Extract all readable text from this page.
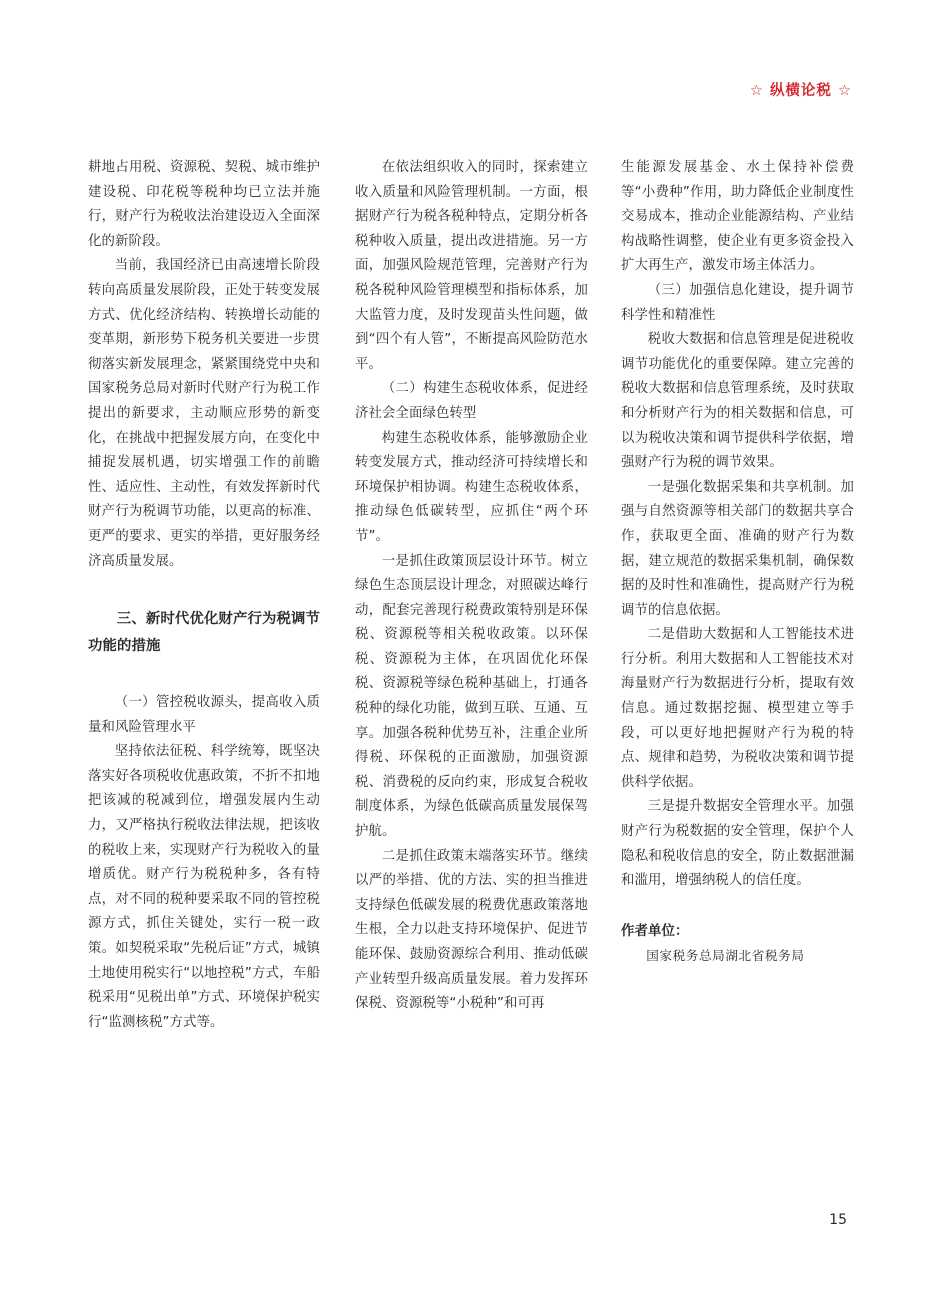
☆ 纵横论税 ☆

耕地占用税、资源税、契税、城市维护建设税、印花税等税种均已立法并施行，财产行为税收法治建设迈入全面深化的新阶段。

当前，我国经济已由高速增长阶段转向高质量发展阶段，正处于转变发展方式、优化经济结构、转换增长动能的变革期，新形势下税务机关要进一步贯彻落实新发展理念，紧紧围绕党中央和国家税务总局对新时代财产行为税工作提出的新要求，主动顺应形势的新变化，在挑战中把握发展方向，在变化中捕捉发展机遇，切实增强工作的前瞻性、适应性、主动性，有效发挥新时代财产行为税调节功能，以更高的标准、更严的要求、更实的举措，更好服务经济高质量发展。

三、新时代优化财产行为税调节功能的措施

（一）管控税收源头，提高收入质量和风险管理水平

坚持依法征税、科学统筹，既坚决落实好各项税收优惠政策，不折不扣地把该减的税减到位，增强发展内生动力，又严格执行税收法律法规，把该收的税收上来，实现财产行为税收入的量增质优。财产行为税税种多，各有特点，对不同的税种要采取不同的管控税源方式，抓住关键处，实行一税一政策。如契税采取“先税后证”方式，城镇土地使用税实行“以地控税”方式，车船税采用“见税出单”方式、环境保护税实行“监测核税”方式等。

在依法组织收入的同时，探索建立收入质量和风险管理机制。一方面，根据财产行为税各税种特点，定期分析各税种收入质量，提出改进措施。另一方面，加强风险规范管理，完善财产行为税各税种风险管理模型和指标体系，加大监管力度，及时发现苗头性问题，做到“四个有人管”，不断提高风险防范水平。

（二）构建生态税收体系，促进经济社会全面绿色转型

构建生态税收体系，能够激励企业转变发展方式，推动经济可持续增长和环境保护相协调。构建生态税收体系，推动绿色低碳转型，应抓住“两个环节”。

一是抓住政策顶层设计环节。树立绿色生态顶层设计理念，对照碳达峰行动，配套完善现行税费政策特别是环保税、资源税等相关税收政策。以环保税、资源税为主体，在巩固优化环保税、资源税等绿色税种基础上，打通各税种的绿化功能，做到互联、互通、互享。加强各税种优势互补，注重企业所得税、环保税的正面激励，加强资源税、消费税的反向约束，形成复合税收制度体系，为绿色低碳高质量发展保驾护航。

二是抓住政策末端落实环节。继续以严的举措、优的方法、实的担当推进支持绿色低碳发展的税费优惠政策落地生根，全力以赴支持环境保护、促进节能环保、鼓励资源综合利用、推动低碳产业转型升级高质量发展。着力发挥环保税、资源税等“小税种”和可再

生能源发展基金、水土保持补偿费等“小费种”作用，助力降低企业制度性交易成本，推动企业能源结构、产业结构战略性调整，使企业有更多资金投入扩大再生产，激发市场主体活力。

（三）加强信息化建设，提升调节科学性和精准性

税收大数据和信息管理是促进税收调节功能优化的重要保障。建立完善的税收大数据和信息管理系统，及时获取和分析财产行为的相关数据和信息，可以为税收决策和调节提供科学依据，增强财产行为税的调节效果。

一是强化数据采集和共享机制。加强与自然资源等相关部门的数据共享合作，获取更全面、准确的财产行为数据，建立规范的数据采集机制，确保数据的及时性和准确性，提高财产行为税调节的信息依据。

二是借助大数据和人工智能技术进行分析。利用大数据和人工智能技术对海量财产行为数据进行分析，提取有效信息。通过数据挖掘、模型建立等手段，可以更好地把握财产行为税的特点、规律和趋势，为税收决策和调节提供科学依据。

三是提升数据安全管理水平。加强财产行为税数据的安全管理，保护个人隐私和税收信息的安全，防止数据泄漏和滥用，增强纳税人的信任度。

作者单位：
国家税务总局湖北省税务局
15
